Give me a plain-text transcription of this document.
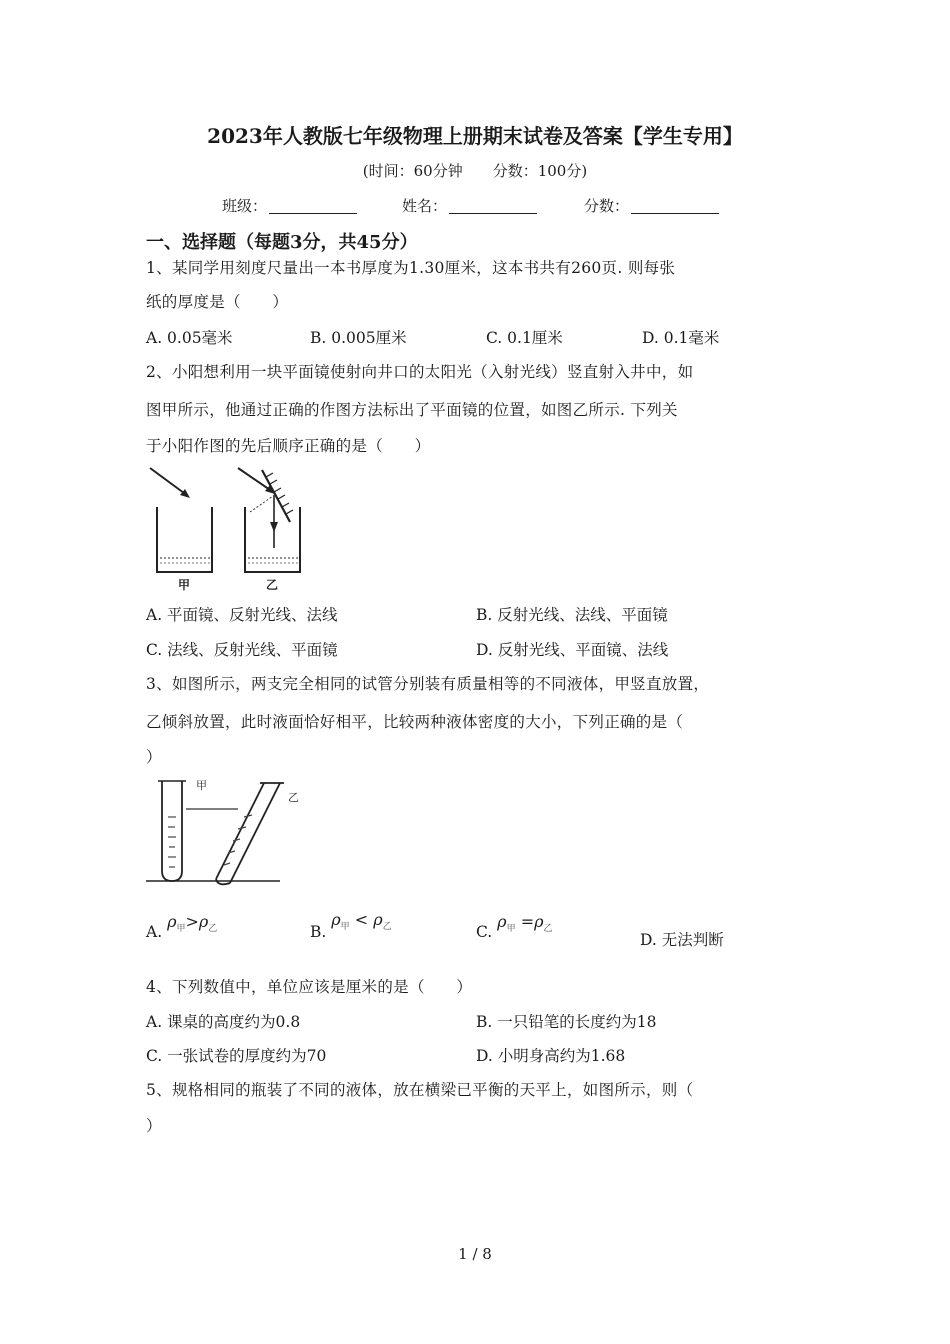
2023年人教版七年级物理上册期末试卷及答案【学生专用】
(时间：60分钟　　分数：100分)
班级：	姓名：	分数：
一、选择题（每题3分，共45分）
1、某同学用刻度尺量出一本书厚度为1.30厘米，这本书共有260页. 则每张
纸的厚度是（　　）
A. 0.05毫米	B. 0.005厘米	C. 0.1厘米	D. 0.1毫米
2、小阳想利用一块平面镜使射向井口的太阳光（入射光线）竖直射入井中，如
图甲所示，他通过正确的作图方法标出了平面镜的位置，如图乙所示. 下列关
于小阳作图的先后顺序正确的是（　　）
甲	乙
A. 平面镜、反射光线、法线	B. 反射光线、法线、平面镜
C. 法线、反射光线、平面镜	D. 反射光线、平面镜、法线
3、如图所示，两支完全相同的试管分别装有质量相等的不同液体，甲竖直放置，
乙倾斜放置，此时液面恰好相平，比较两种液体密度的大小，下列正确的是（
）
甲
乙
A. $\rho_甲>\rho_乙$	B. $\rho_甲 < \rho_乙$	C. $\rho_甲 =\rho_乙$
D. 无法判断
4、下列数值中，单位应该是厘米的是（　　）
A. 课桌的高度约为0.8	B. 一只铅笔的长度约为18
C. 一张试卷的厚度约为70	D. 小明身高约为1.68
5、规格相同的瓶装了不同的液体，放在横梁已平衡的天平上，如图所示，则（
）
1 / 8
